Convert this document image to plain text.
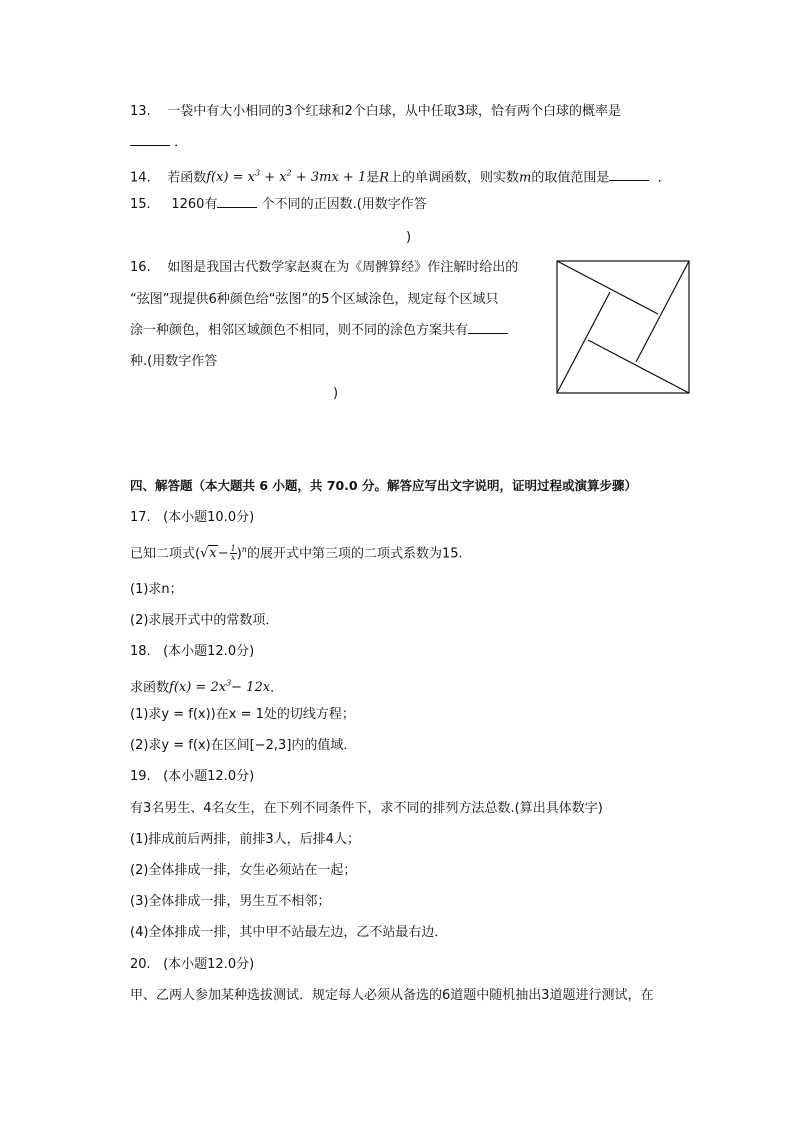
13. 一袋中有大小相同的3个红球和2个白球，从中任取3球，恰有两个白球的概率是
．
14. 若函数$f(x) = x^3 + x^2 + 3mx + 1$是R上的单调函数，则实数m的取值范围是	．
15. 1260有	个不同的正因数.(用数字作答
)
16. 如图是我国古代数学家赵爽在为《周髀算经》作注解时给出的
“弦图”现提供6种颜色给“弦图”的5个区域涂色，规定每个区域只
涂一种颜色，相邻区域颜色不相同，则不同的涂色方案共有
种.(用数字作答
)
四、解答题（本大题共 6 小题，共 70.0 分。解答应写出文字说明，证明过程或演算步骤）
17.   (本小题10.0分)
已知二项式$(√x- \frac{1}{x} )^n$的展开式中第三项的二项式系数为15.
(1)求n；
(2)求展开式中的常数项．
18.   (本小题12.0分)
求函数$f(x) = 2x^3- 12x$．
(1)求y = f(x))在x = 1处的切线方程；
(2)求y = f(x)在区间[−2,3]内的值域．
19.   (本小题12.0分)
有3名男生、4名女生，在下列不同条件下，求不同的排列方法总数.(算出具体数字)
(1)排成前后两排，前排3人，后排4人；
(2)全体排成一排，女生必须站在一起；
(3)全体排成一排，男生互不相邻；
(4)全体排成一排，其中甲不站最左边，乙不站最右边．
20.   (本小题12.0分)
甲、乙两人参加某种选拔测试．规定每人必须从备选的6道题中随机抽出3道题进行测试，在
